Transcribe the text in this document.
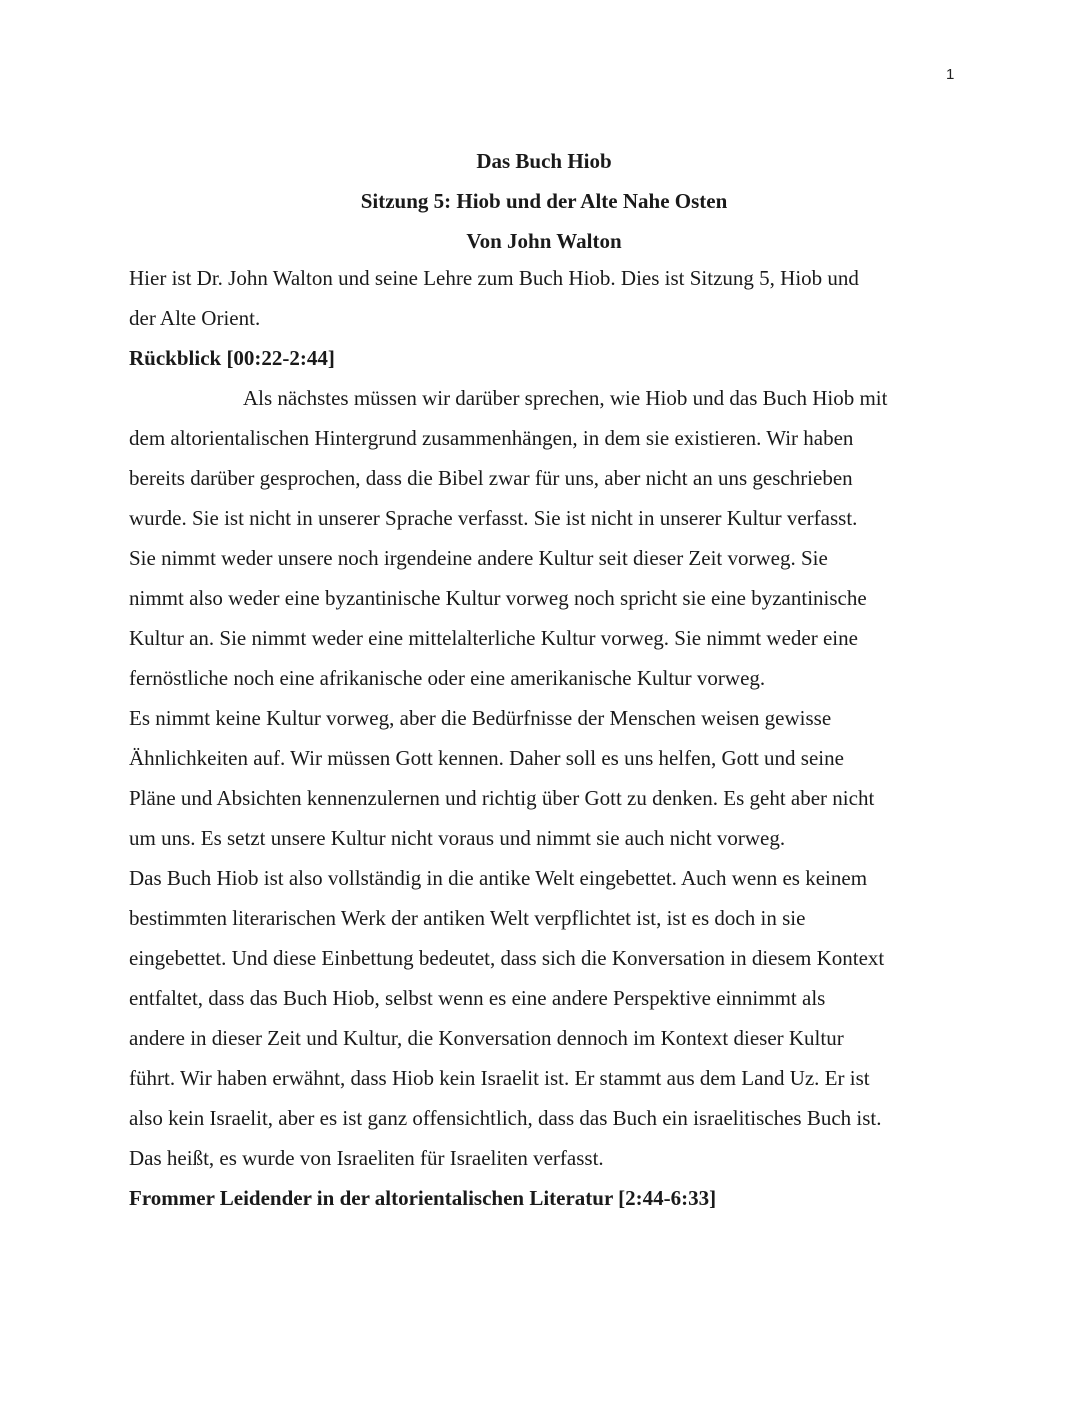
1

Das Buch Hiob

Sitzung 5: Hiob und der Alte Nahe Osten

Von John Walton

Hier ist Dr. John Walton und seine Lehre zum Buch Hiob. Dies ist Sitzung 5, Hiob und
der Alte Orient.

Rückblick [00:22-2:44]

Als nächstes müssen wir darüber sprechen, wie Hiob und das Buch Hiob mit
dem altorientalischen Hintergrund zusammenhängen, in dem sie existieren. Wir haben
bereits darüber gesprochen, dass die Bibel zwar für uns, aber nicht an uns geschrieben
wurde. Sie ist nicht in unserer Sprache verfasst. Sie ist nicht in unserer Kultur verfasst.
Sie nimmt weder unsere noch irgendeine andere Kultur seit dieser Zeit vorweg. Sie
nimmt also weder eine byzantinische Kultur vorweg noch spricht sie eine byzantinische
Kultur an. Sie nimmt weder eine mittelalterliche Kultur vorweg. Sie nimmt weder eine
fernöstliche noch eine afrikanische oder eine amerikanische Kultur vorweg.

Es nimmt keine Kultur vorweg, aber die Bedürfnisse der Menschen weisen gewisse
Ähnlichkeiten auf. Wir müssen Gott kennen. Daher soll es uns helfen, Gott und seine
Pläne und Absichten kennenzulernen und richtig über Gott zu denken. Es geht aber nicht
um uns. Es setzt unsere Kultur nicht voraus und nimmt sie auch nicht vorweg.

Das Buch Hiob ist also vollständig in die antike Welt eingebettet. Auch wenn es keinem
bestimmten literarischen Werk der antiken Welt verpflichtet ist, ist es doch in sie
eingebettet. Und diese Einbettung bedeutet, dass sich die Konversation in diesem Kontext
entfaltet, dass das Buch Hiob, selbst wenn es eine andere Perspektive einnimmt als
andere in dieser Zeit und Kultur, die Konversation dennoch im Kontext dieser Kultur
führt. Wir haben erwähnt, dass Hiob kein Israelit ist. Er stammt aus dem Land Uz. Er ist
also kein Israelit, aber es ist ganz offensichtlich, dass das Buch ein israelitisches Buch ist.
Das heißt, es wurde von Israeliten für Israeliten verfasst.

Frommer Leidender in der altorientalischen Literatur [2:44-6:33]
